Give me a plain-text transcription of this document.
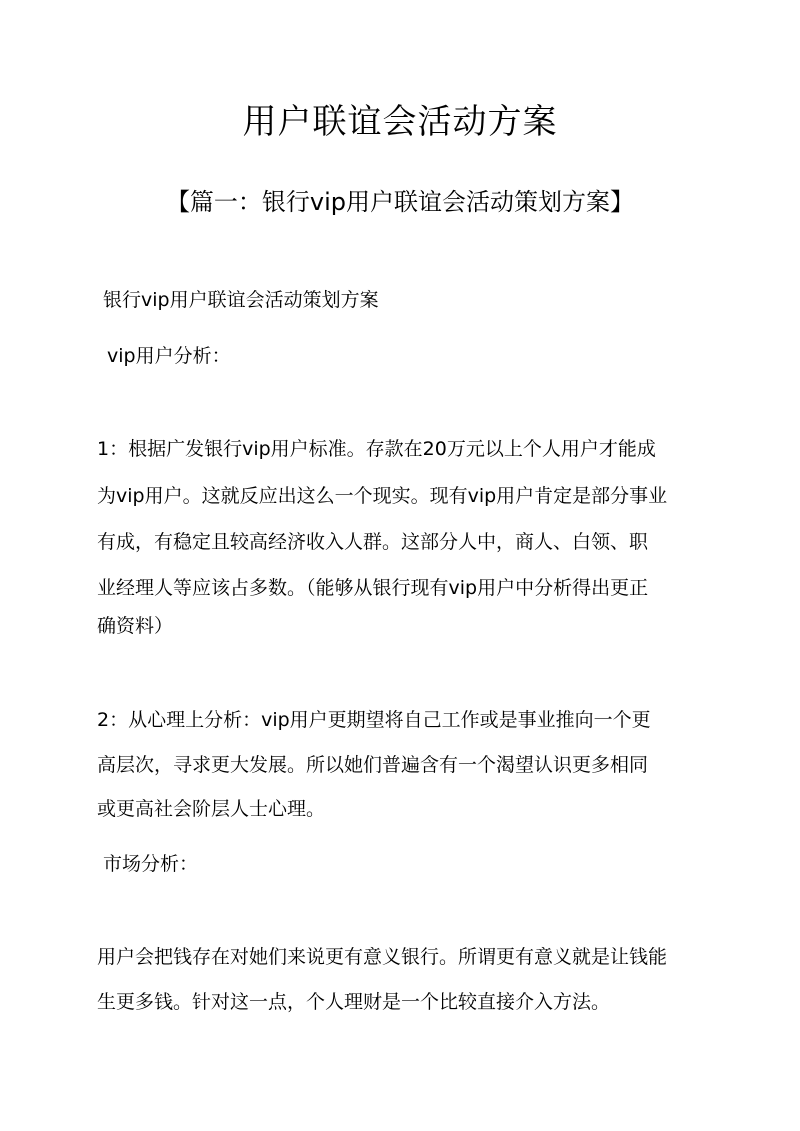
用户联谊会活动方案
【篇一：银行vip用户联谊会活动策划方案】
银行vip用户联谊会活动策划方案
vip用户分析：
1：根据广发银行vip用户标准。存款在20万元以上个人用户才能成
为vip用户。这就反应出这么一个现实。现有vip用户肯定是部分事业
有成，有稳定且较高经济收入人群。这部分人中，商人、白领、职
业经理人等应该占多数。（能够从银行现有vip用户中分析得出更正
确资料）
2：从心理上分析：vip用户更期望将自己工作或是事业推向一个更
高层次，寻求更大发展。所以她们普遍含有一个渴望认识更多相同
或更高社会阶层人士心理。
市场分析：
用户会把钱存在对她们来说更有意义银行。所谓更有意义就是让钱能
生更多钱。针对这一点，个人理财是一个比较直接介入方法。
